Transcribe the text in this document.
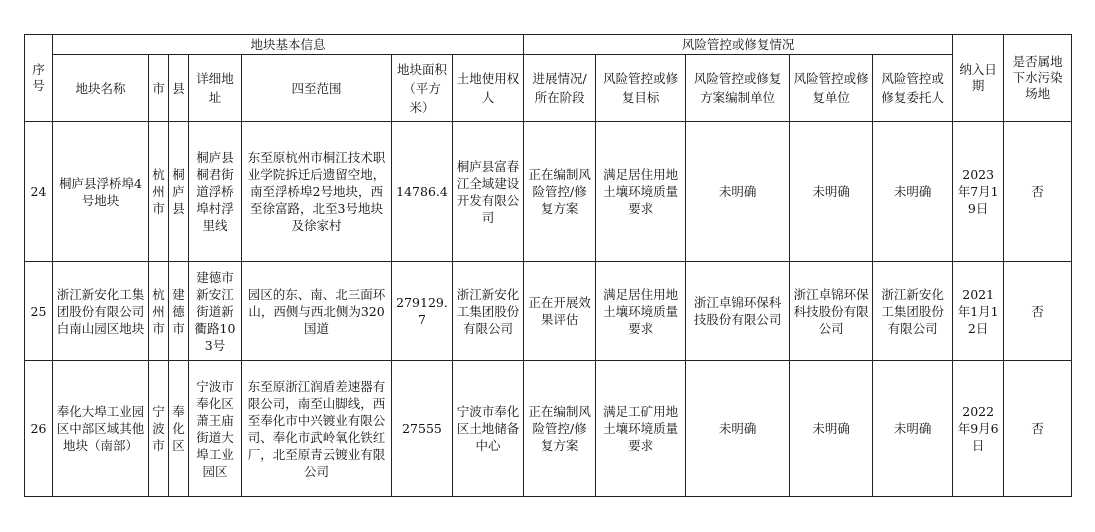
序号	地块基本信息							风险管控或修复情况					纳入日期	是否属地下水污染场地
	地块名称	市	县	详细地址	四至范围	地块面积（平方米）	土地使用权人	进展情况/所在阶段	风险管控或修复目标	风险管控或修复方案编制单位	风险管控或修复单位	风险管控或修复委托人		
24	桐庐县浮桥埠4号地块	杭州市	桐庐县	桐庐县桐君街道浮桥埠村浮里线	东至原杭州市桐江技术职业学院拆迁后遗留空地，南至浮桥埠2号地块，西至徐富路，北至3号地块及徐家村	14786.4	桐庐县富春江全域建设开发有限公司	正在编制风险管控/修复方案	满足居住用地土壤环境质量要求	未明确	未明确	未明确	2023年7月19日	否
25	浙江新安化工集团股份有限公司白南山园区地块	杭州市	建德市	建德市新安江街道新衢路103号	园区的东、南、北三面环山，西侧与西北侧为320国道	279129.7	浙江新安化工集团股份有限公司	正在开展效果评估	满足居住用地土壤环境质量要求	浙江卓锦环保科技股份有限公司	浙江卓锦环保科技股份有限公司	浙江新安化工集团股份有限公司	2021年1月12日	否
26	奉化大埠工业园区中部区域其他地块（南部）	宁波市	奉化区	宁波市奉化区萧王庙街道大埠工业园区	东至原浙江润盾差速器有限公司，南至山脚线，西至奉化市中兴镀业有限公司、奉化市武岭氧化铁红厂，北至原青云镀业有限公司	27555	宁波市奉化区土地储备中心	正在编制风险管控/修复方案	满足工矿用地土壤环境质量要求	未明确	未明确	未明确	2022年9月6日	否
